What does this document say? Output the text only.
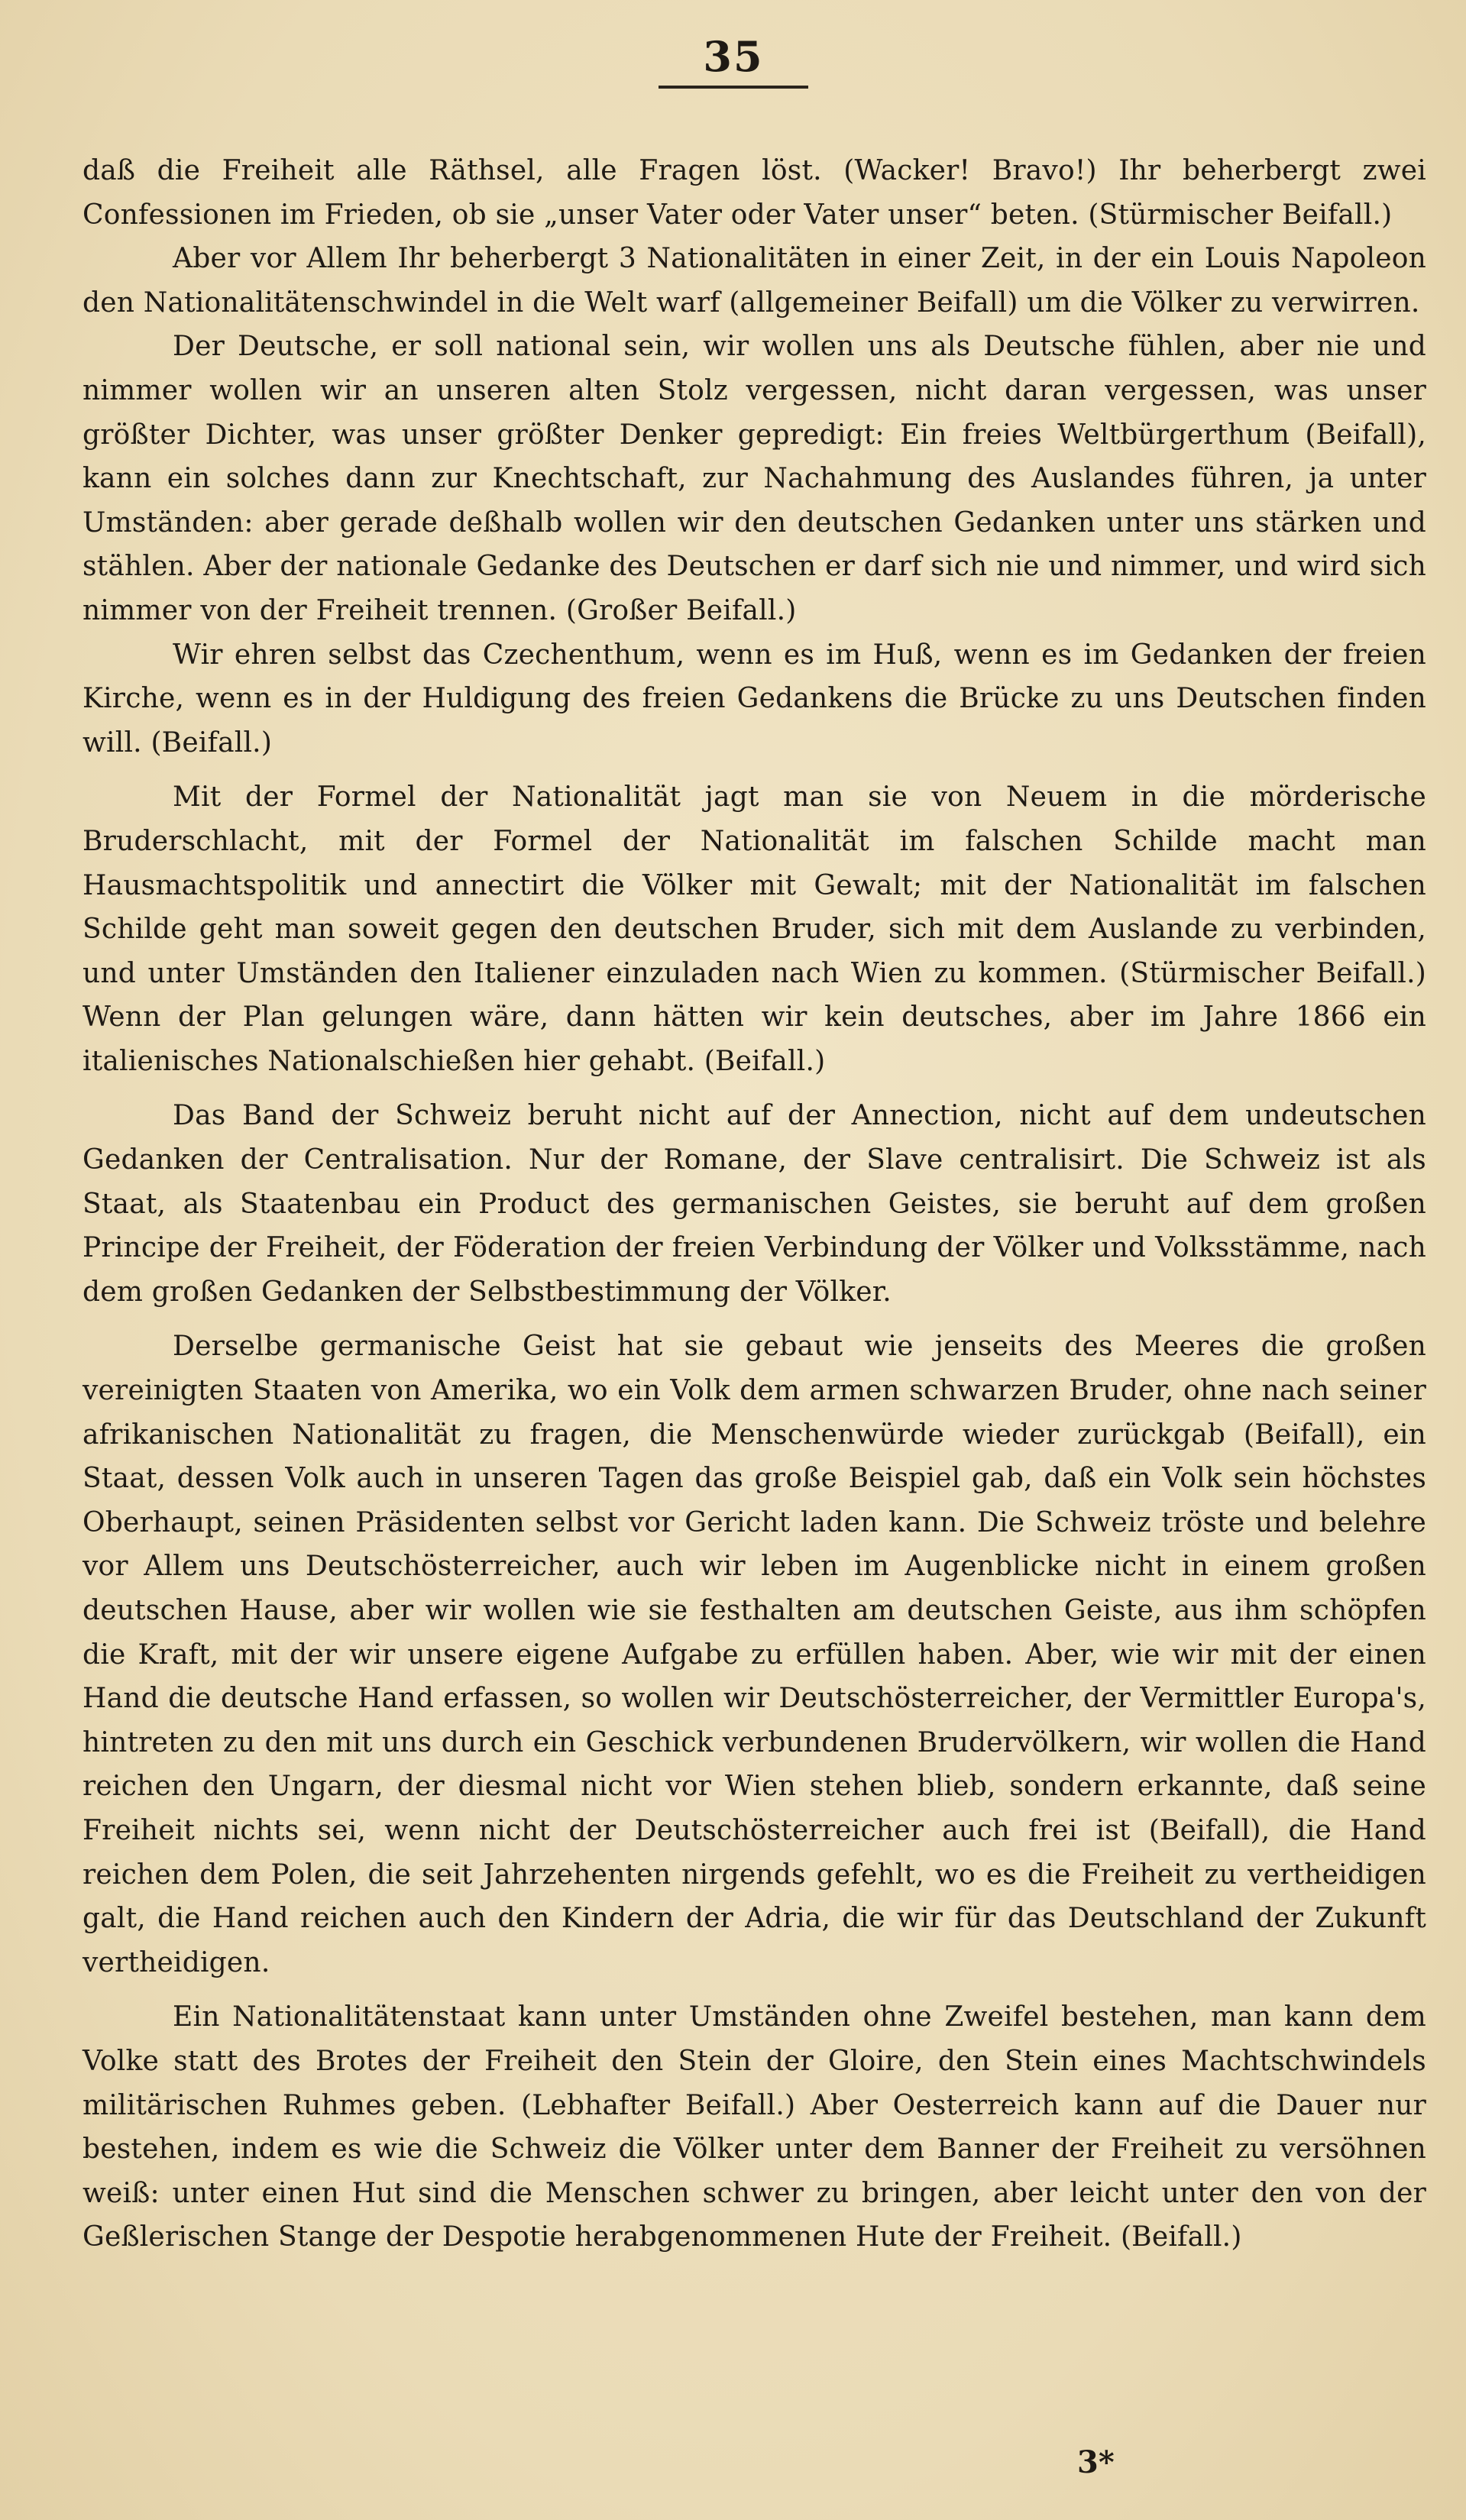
35

daß die Freiheit alle Räthsel, alle Fragen löst. (Wacker! Bravo!) Ihr beherbergt zwei Confessionen im Frieden, ob sie „unser Vater oder Vater unser“ beten. (Stürmischer Beifall.)

Aber vor Allem Ihr beherbergt 3 Nationalitäten in einer Zeit, in der ein Louis Napoleon den Nationalitätenschwindel in die Welt warf (allgemeiner Beifall) um die Völker zu verwirren.

Der Deutsche, er soll national sein, wir wollen uns als Deutsche fühlen, aber nie und nimmer wollen wir an unseren alten Stolz vergessen, nicht daran vergessen, was unser größter Dichter, was unser größter Denker gepredigt: Ein freies Weltbürgerthum (Beifall), kann ein solches dann zur Knechtschaft, zur Nachahmung des Auslandes führen, ja unter Umständen: aber gerade deßhalb wollen wir den deutschen Gedanken unter uns stärken und stählen. Aber der nationale Gedanke des Deutschen er darf sich nie und nimmer, und wird sich nimmer von der Freiheit trennen. (Großer Beifall.)

Wir ehren selbst das Czechenthum, wenn es im Huß, wenn es im Gedanken der freien Kirche, wenn es in der Huldigung des freien Gedankens die Brücke zu uns Deutschen finden will. (Beifall.)

Mit der Formel der Nationalität jagt man sie von Neuem in die mörderische Bruderschlacht, mit der Formel der Nationalität im falschen Schilde macht man Hausmachtspolitik und annectirt die Völker mit Gewalt; mit der Nationalität im falschen Schilde geht man soweit gegen den deutschen Bruder, sich mit dem Auslande zu verbinden, und unter Umständen den Italiener einzuladen nach Wien zu kommen. (Stürmischer Beifall.) Wenn der Plan gelungen wäre, dann hätten wir kein deutsches, aber im Jahre 1866 ein italienisches Nationalschießen hier gehabt. (Beifall.)

Das Band der Schweiz beruht nicht auf der Annection, nicht auf dem undeutschen Gedanken der Centralisation. Nur der Romane, der Slave centralisirt. Die Schweiz ist als Staat, als Staatenbau ein Product des germanischen Geistes, sie beruht auf dem großen Principe der Freiheit, der Föderation der freien Verbindung der Völker und Volksstämme, nach dem großen Gedanken der Selbstbestimmung der Völker.

Derselbe germanische Geist hat sie gebaut wie jenseits des Meeres die großen vereinigten Staaten von Amerika, wo ein Volk dem armen schwarzen Bruder, ohne nach seiner afrikanischen Nationalität zu fragen, die Menschenwürde wieder zurückgab (Beifall), ein Staat, dessen Volk auch in unseren Tagen das große Beispiel gab, daß ein Volk sein höchstes Oberhaupt, seinen Präsidenten selbst vor Gericht laden kann. Die Schweiz tröste und belehre vor Allem uns Deutschösterreicher, auch wir leben im Augenblicke nicht in einem großen deutschen Hause, aber wir wollen wie sie festhalten am deutschen Geiste, aus ihm schöpfen die Kraft, mit der wir unsere eigene Aufgabe zu erfüllen haben. Aber, wie wir mit der einen Hand die deutsche Hand erfassen, so wollen wir Deutschösterreicher, der Vermittler Europa's, hintreten zu den mit uns durch ein Geschick verbundenen Brudervölkern, wir wollen die Hand reichen den Ungarn, der diesmal nicht vor Wien stehen blieb, sondern erkannte, daß seine Freiheit nichts sei, wenn nicht der Deutschösterreicher auch frei ist (Beifall), die Hand reichen dem Polen, die seit Jahrzehenten nirgends gefehlt, wo es die Freiheit zu vertheidigen galt, die Hand reichen auch den Kindern der Adria, die wir für das Deutschland der Zukunft vertheidigen.

Ein Nationalitätenstaat kann unter Umständen ohne Zweifel bestehen, man kann dem Volke statt des Brotes der Freiheit den Stein der Gloire, den Stein eines Machtschwindels militärischen Ruhmes geben. (Lebhafter Beifall.) Aber Oesterreich kann auf die Dauer nur bestehen, indem es wie die Schweiz die Völker unter dem Banner der Freiheit zu versöhnen weiß: unter einen Hut sind die Menschen schwer zu bringen, aber leicht unter den von der Geßlerischen Stange der Despotie herabgenommenen Hute der Freiheit. (Beifall.)

3*
